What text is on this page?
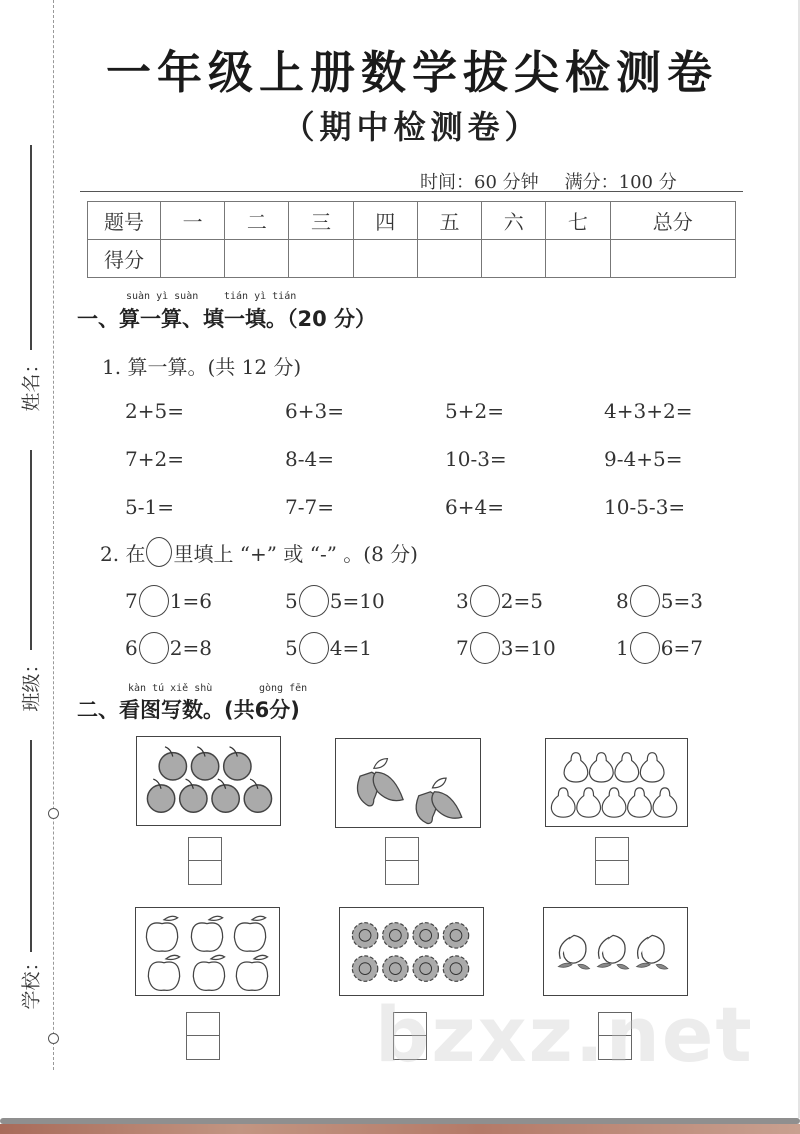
姓名：
班级：
学校：
一年级上册数学拔尖检测卷
（期中检测卷）
时间：60 分钟 满分：100 分
题号	一	二	三	四	五	六	七	总分
得分								
suàn yì suàn	tián yì tián
一、算一算、填一填。（20 分）
1. 算一算。(共 12 分)
2+5=	6+3=	5+2=	4+3+2=
7+2=	8-4=	10-3=	9-4+5=
5-1=	7-7=	6+4=	10-5-3=
2. 在 里填上 “+” 或 “-” 。(8 分)
7 1=6	5 5=10	3 2=5	8 5=3
6 2=8	5 4=1	7 3=10	1 6=7
kàn tú xiě shù	gòng fēn
二、看图写数。(共6分)
bzxz.net
